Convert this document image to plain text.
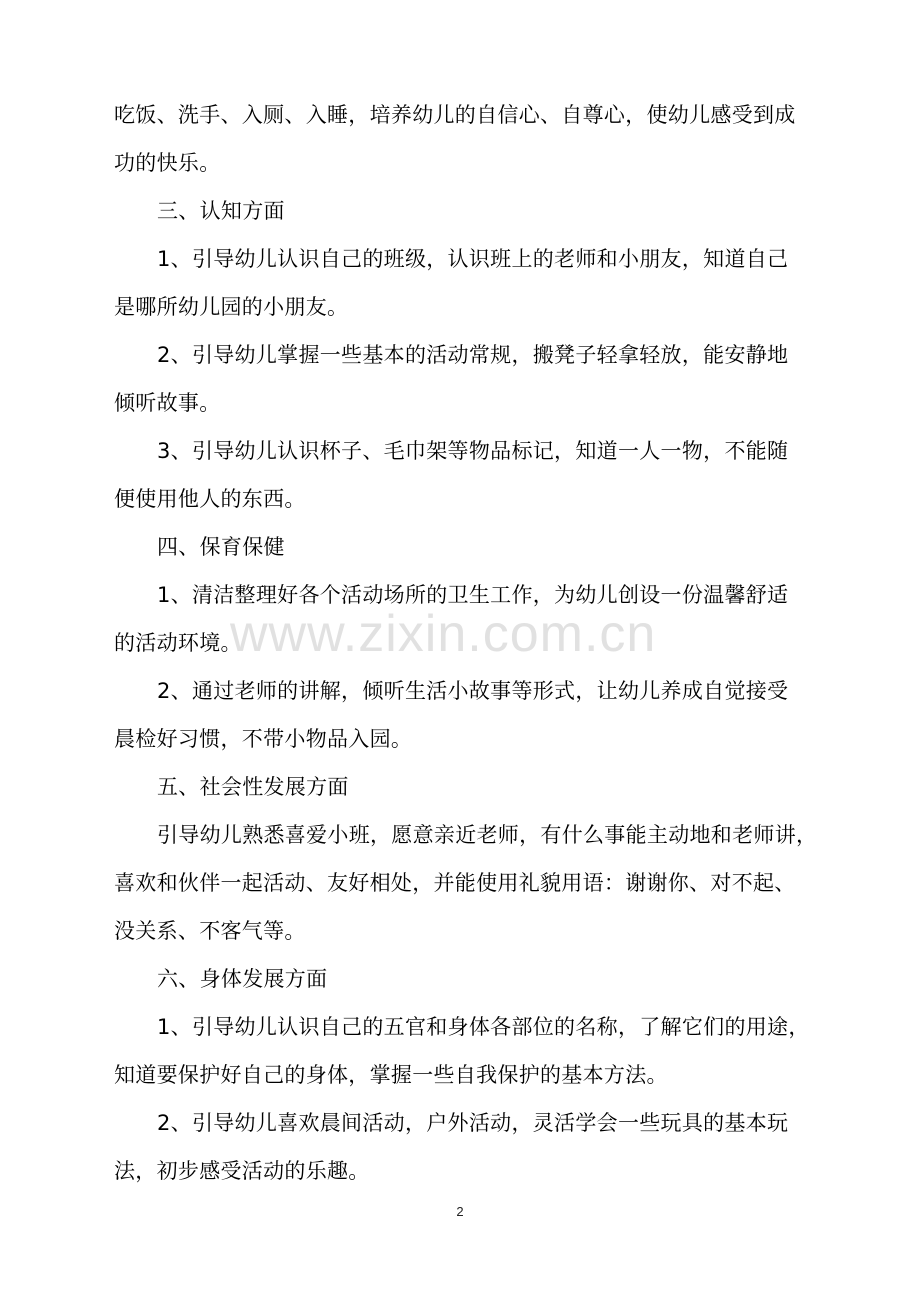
吃饭、洗手、入厕、入睡，培养幼儿的自信心、自尊心，使幼儿感受到成
功的快乐。
三、认知方面
1、引导幼儿认识自己的班级，认识班上的老师和小朋友，知道自己
是哪所幼儿园的小朋友。
2、引导幼儿掌握一些基本的活动常规，搬凳子轻拿轻放，能安静地
倾听故事。
3、引导幼儿认识杯子、毛巾架等物品标记，知道一人一物，不能随
便使用他人的东西。
四、保育保健
1、清洁整理好各个活动场所的卫生工作，为幼儿创设一份温馨舒适
的活动环境。
2、通过老师的讲解，倾听生活小故事等形式，让幼儿养成自觉接受
晨检好习惯，不带小物品入园。
五、社会性发展方面
引导幼儿熟悉喜爱小班，愿意亲近老师，有什么事能主动地和老师讲，
喜欢和伙伴一起活动、友好相处，并能使用礼貌用语：谢谢你、对不起、
没关系、不客气等。
六、身体发展方面
1、引导幼儿认识自己的五官和身体各部位的名称，了解它们的用途，
知道要保护好自己的身体，掌握一些自我保护的基本方法。
2、引导幼儿喜欢晨间活动，户外活动，灵活学会一些玩具的基本玩
法，初步感受活动的乐趣。
www.zixin.com.cn
2
